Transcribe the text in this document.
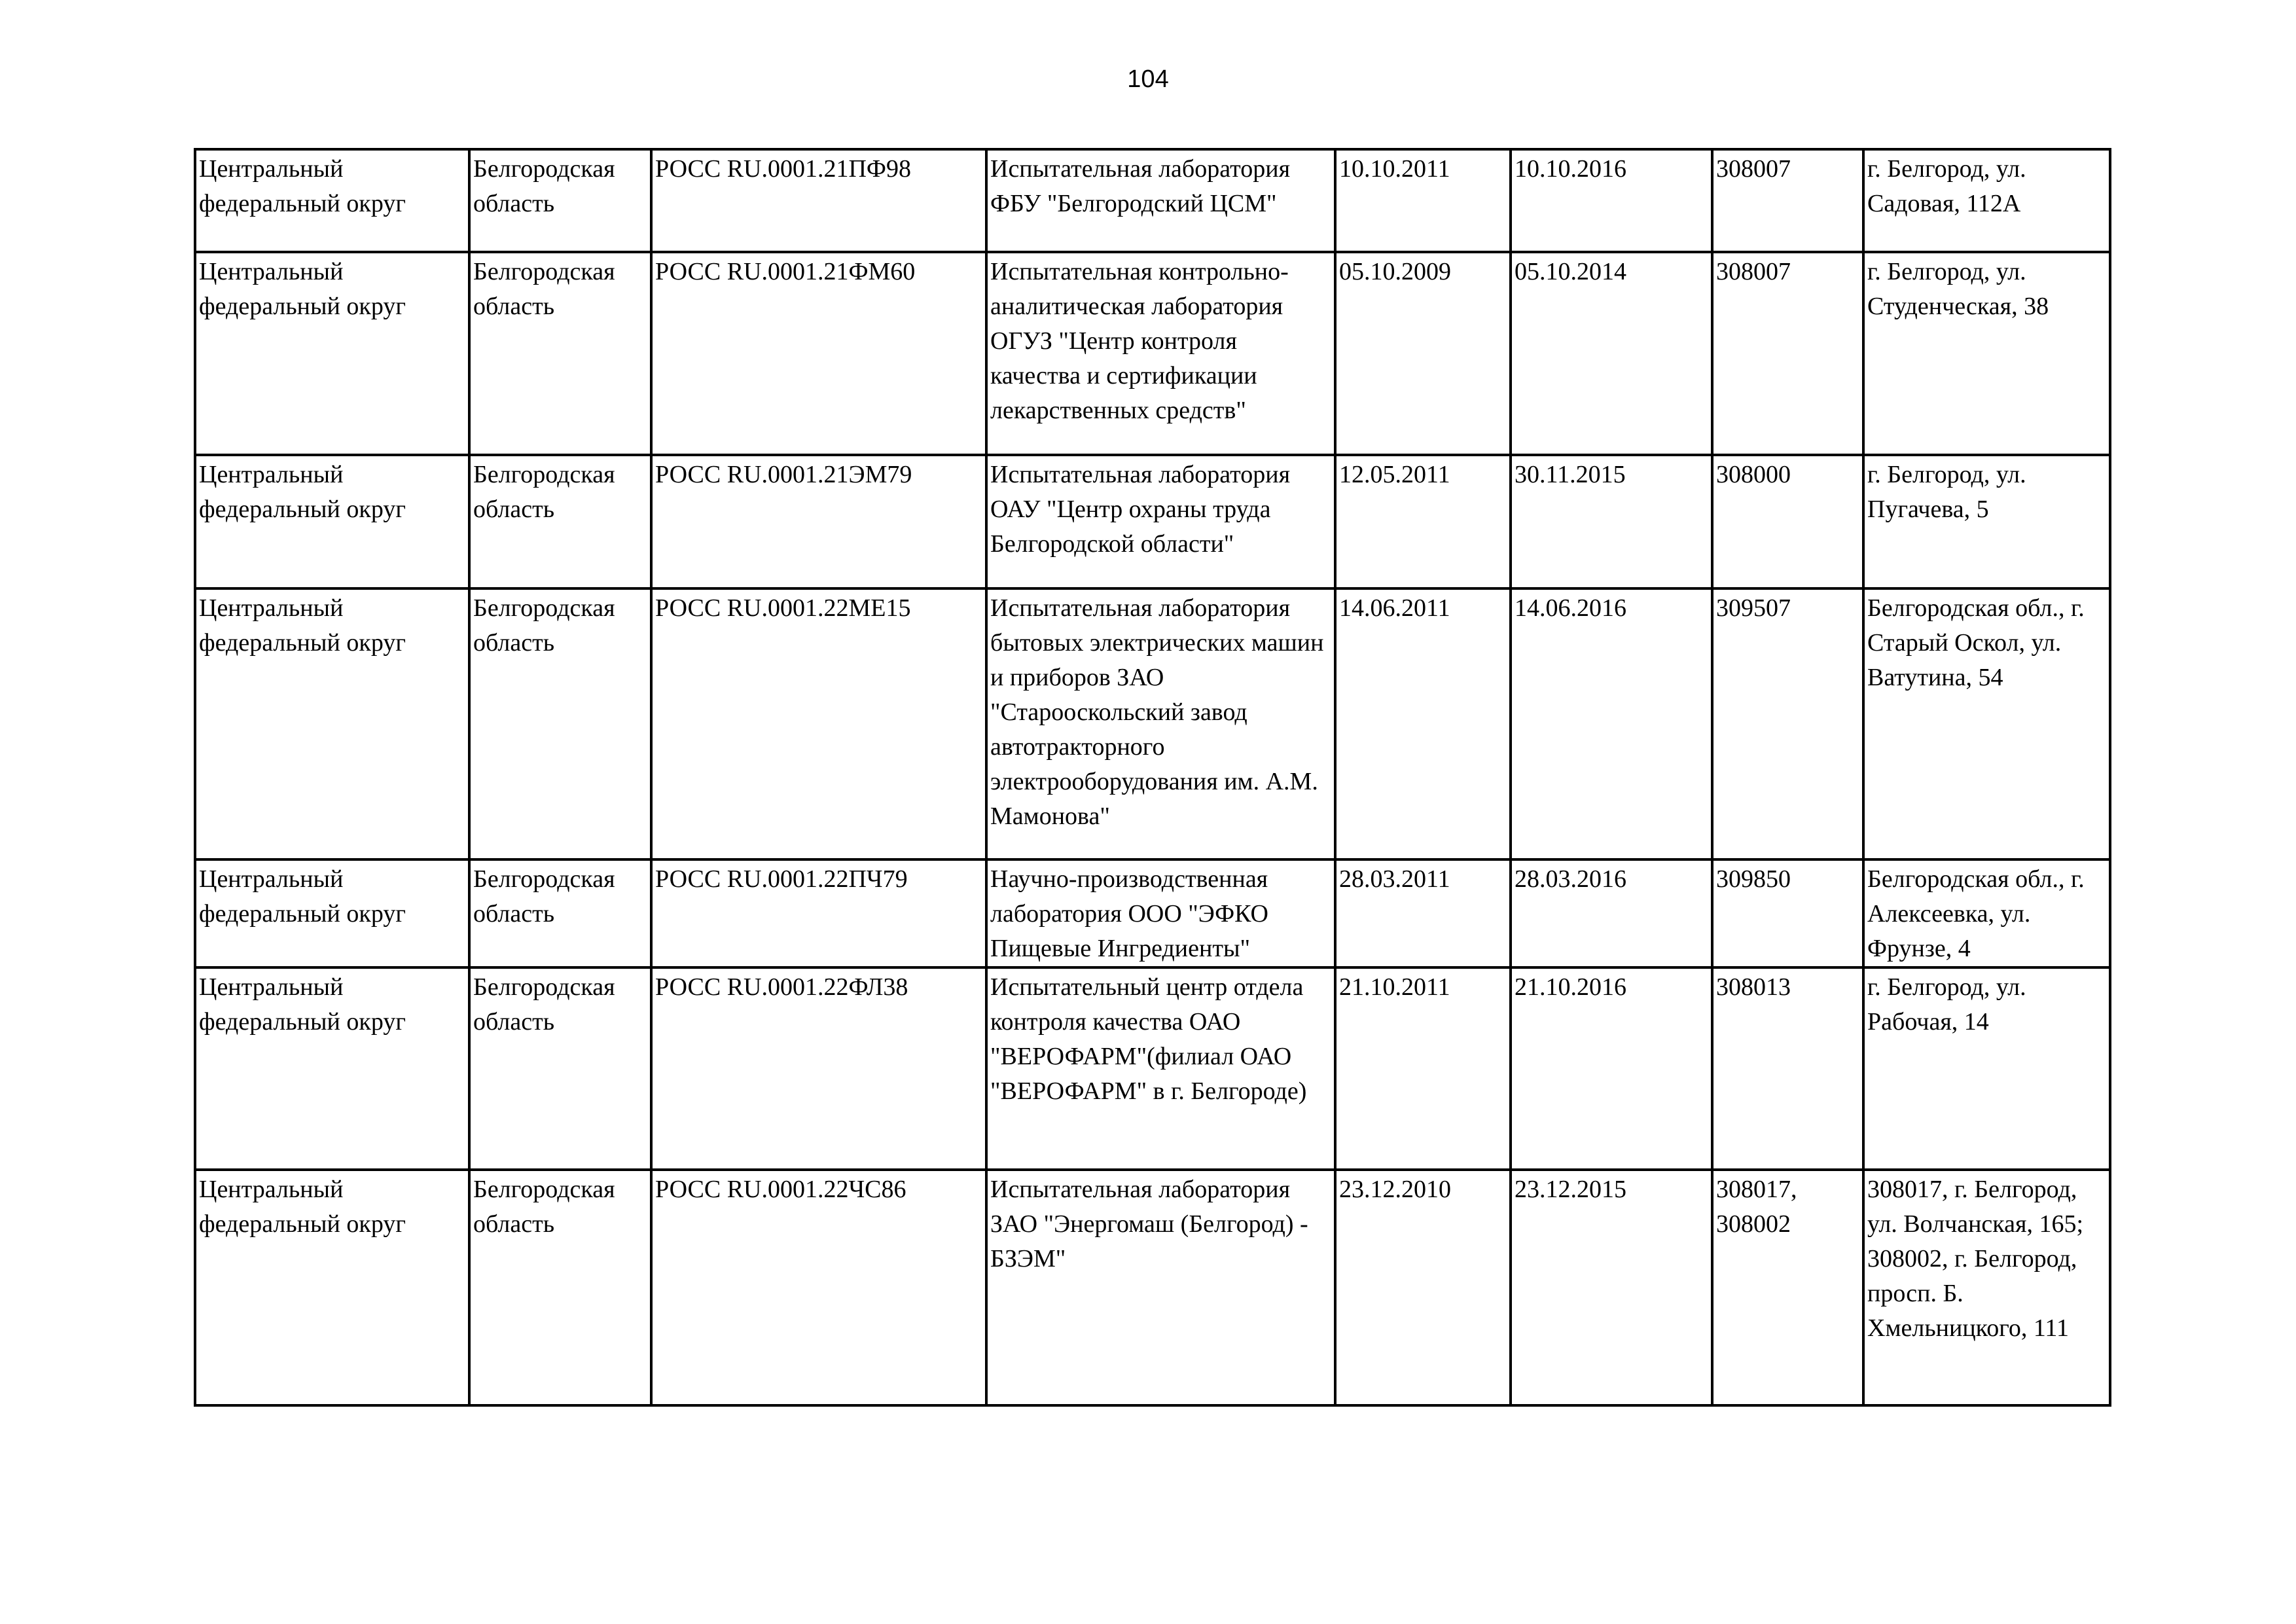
104
Центральный федеральный округ	Белгородская область	РОСС RU.0001.21ПФ98	Испытательная лаборатория ФБУ "Белгородский ЦСМ"	10.10.2011	10.10.2016	308007	г. Белгород, ул. Садовая, 112А
Центральный федеральный округ	Белгородская область	РОСС RU.0001.21ФМ60	Испытательная контрольно-аналитическая лаборатория ОГУЗ "Центр контроля качества и сертификации лекарственных средств"	05.10.2009	05.10.2014	308007	г. Белгород, ул. Студенческая, 38
Центральный федеральный округ	Белгородская область	РОСС RU.0001.21ЭМ79	Испытательная лаборатория ОАУ "Центр охраны труда Белгородской области"	12.05.2011	30.11.2015	308000	г. Белгород, ул. Пугачева, 5
Центральный федеральный округ	Белгородская область	РОСС RU.0001.22МЕ15	Испытательная лаборатория бытовых электрических машин и приборов ЗАО "Старооскольский завод автотракторного электрооборудования им. А.М. Мамонова"	14.06.2011	14.06.2016	309507	Белгородская обл., г. Старый Оскол, ул. Ватутина, 54
Центральный федеральный округ	Белгородская область	РОСС RU.0001.22ПЧ79	Научно-производственная лаборатория ООО "ЭФКО Пищевые Ингредиенты"	28.03.2011	28.03.2016	309850	Белгородская обл., г. Алексеевка, ул. Фрунзе, 4
Центральный федеральный округ	Белгородская область	РОСС RU.0001.22ФЛ38	Испытательный центр отдела контроля качества ОАО "ВЕРОФАРМ"(филиал ОАО "ВЕРОФАРМ" в г. Белгороде)	21.10.2011	21.10.2016	308013	г. Белгород, ул. Рабочая, 14
Центральный федеральный округ	Белгородская область	РОСС RU.0001.22ЧС86	Испытательная лаборатория ЗАО "Энергомаш (Белгород) - БЗЭМ"	23.12.2010	23.12.2015	308017, 308002	308017, г. Белгород, ул. Волчанская, 165; 308002, г. Белгород, просп. Б. Хмельницкого, 111
